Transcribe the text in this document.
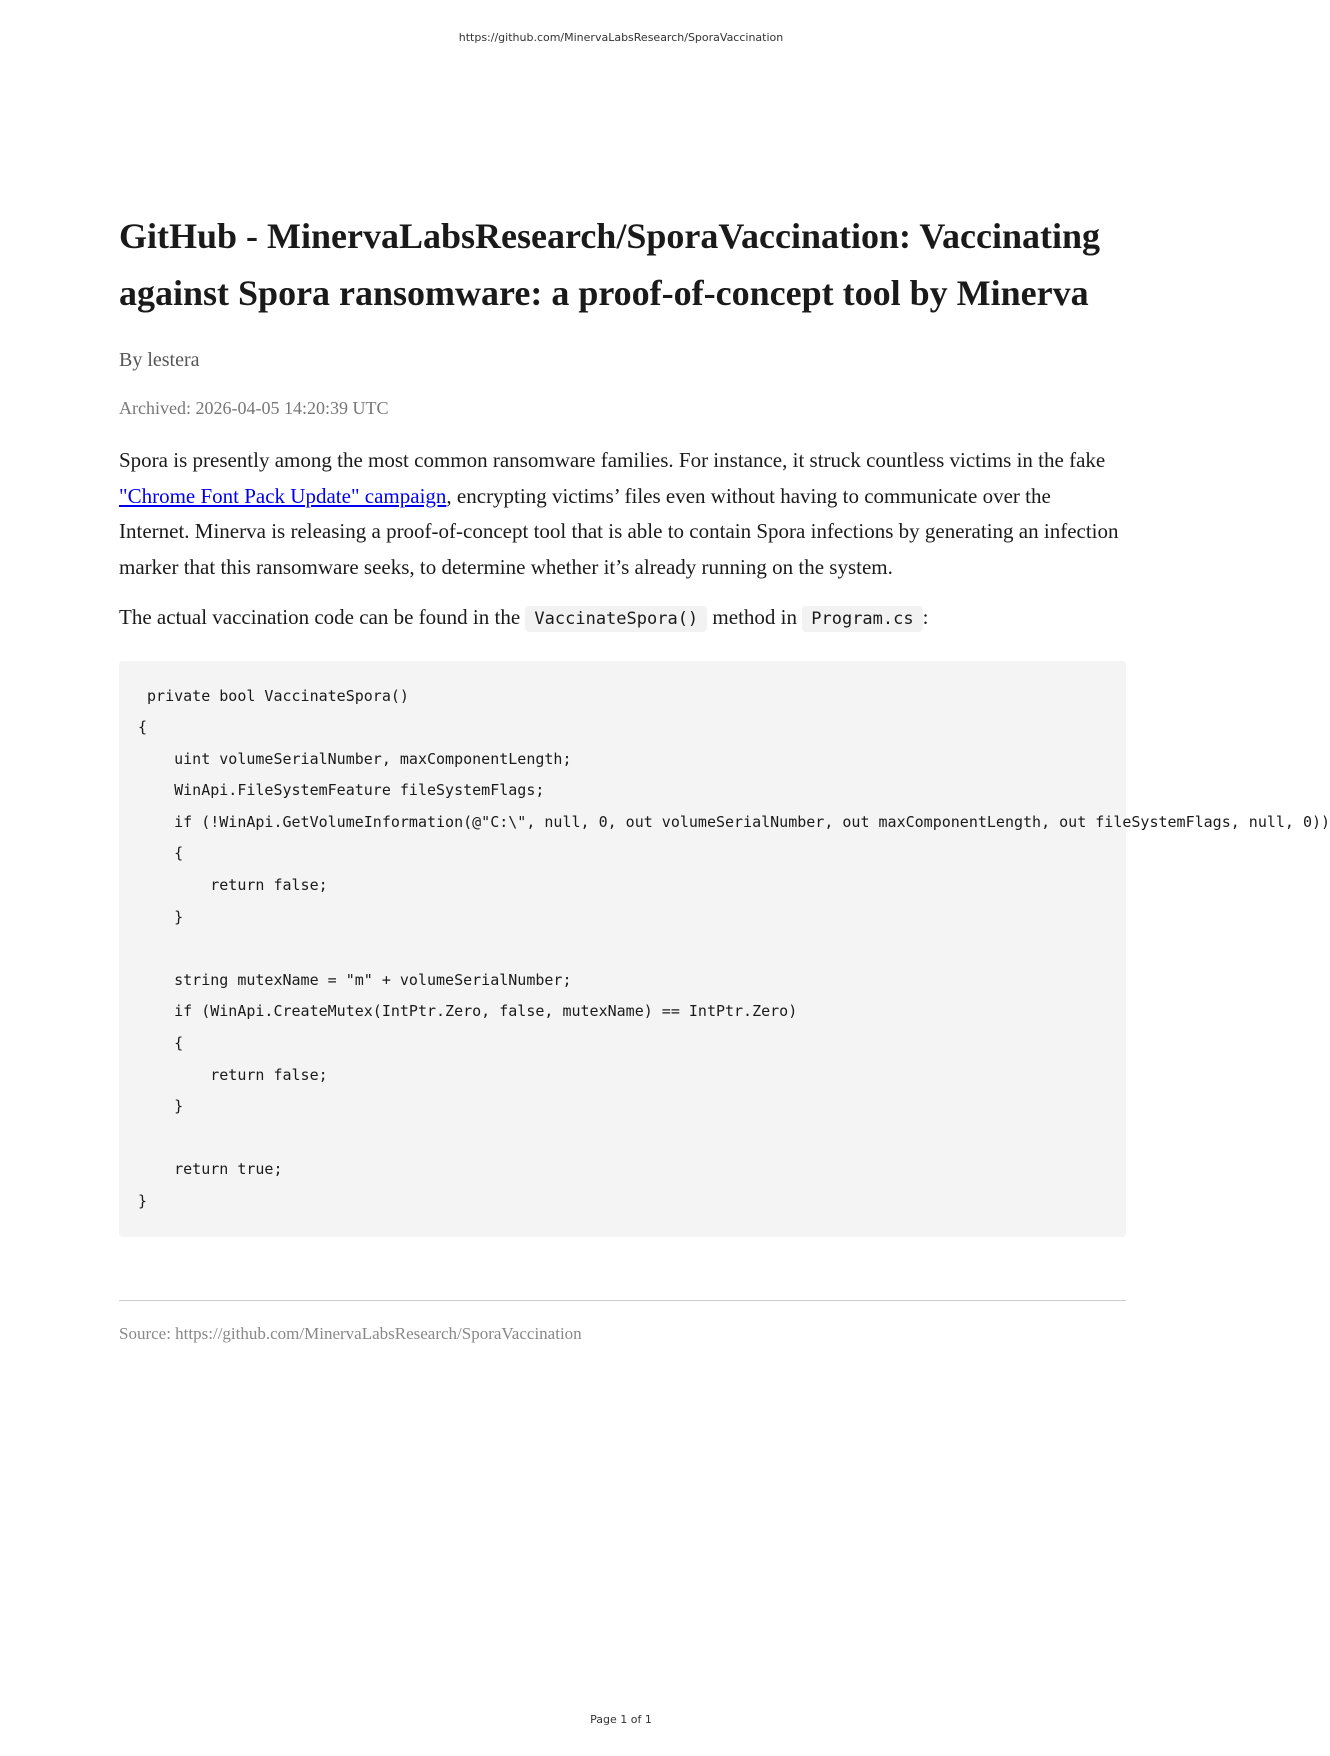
https://github.com/MinervaLabsResearch/SporaVaccination
GitHub - MinervaLabsResearch/SporaVaccination: Vaccinating against Spora ransomware: a proof-of-concept tool by Minerva
By lestera
Archived: 2026-04-05 14:20:39 UTC

Spora is presently among the most common ransomware families. For instance, it struck countless victims in the fake "Chrome Font Pack Update" campaign, encrypting victims’ files even without having to communicate over the Internet. Minerva is releasing a proof-of-concept tool that is able to contain Spora infections by generating an infection marker that this ransomware seeks, to determine whether it’s already running on the system.

The actual vaccination code can be found in the VaccinateSpora() method in Program.cs :

private bool VaccinateSpora()
{
uint volumeSerialNumber, maxComponentLength;
WinApi.FileSystemFeature fileSystemFlags;
if (!WinApi.GetVolumeInformation(@"C:\", null, 0, out volumeSerialNumber, out maxComponentLength, out fileSystemFlags, null, 0))
{
return false;
}

string mutexName = "m" + volumeSerialNumber;
if (WinApi.CreateMutex(IntPtr.Zero, false, mutexName) == IntPtr.Zero)
{
return false;
}

return true;
}
Source: https://github.com/MinervaLabsResearch/SporaVaccination
Page 1 of 1
